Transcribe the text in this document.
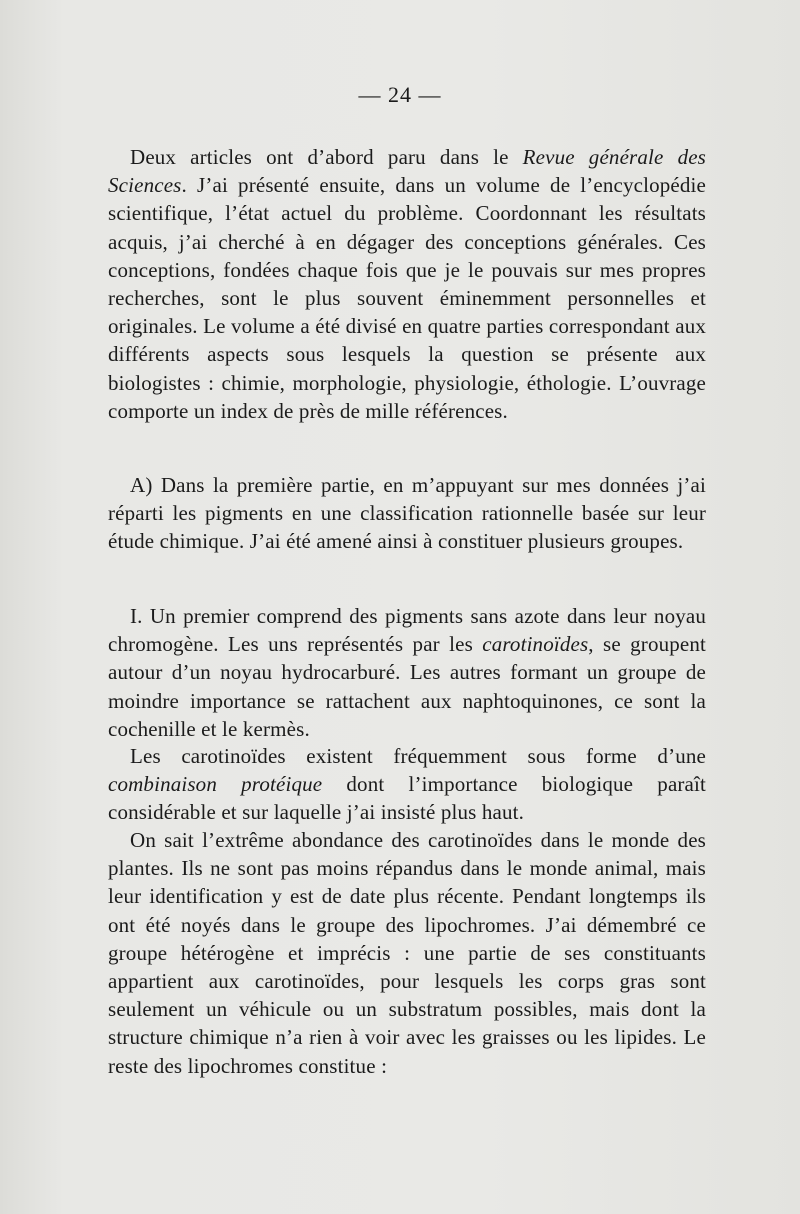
— 24 —

Deux articles ont d’abord paru dans le Revue générale des Sciences. J’ai présenté ensuite, dans un volume de l’encyclopédie scientifique, l’état actuel du problème. Coordonnant les résultats acquis, j’ai cherché à en dégager des conceptions générales. Ces conceptions, fondées chaque fois que je le pouvais sur mes propres recherches, sont le plus souvent éminemment personnelles et originales. Le volume a été divisé en quatre parties correspondant aux différents aspects sous lesquels la question se présente aux biologistes : chimie, morphologie, physiologie, éthologie. L’ouvrage comporte un index de près de mille références.

A) Dans la première partie, en m’appuyant sur mes données j’ai réparti les pigments en une classification rationnelle basée sur leur étude chimique. J’ai été amené ainsi à constituer plusieurs groupes.

I. Un premier comprend des pigments sans azote dans leur noyau chromogène. Les uns représentés par les carotinoïdes, se groupent autour d’un noyau hydrocarburé. Les autres formant un groupe de moindre importance se rattachent aux naphtoquinones, ce sont la cochenille et le kermès.

Les carotinoïdes existent fréquemment sous forme d’une combinaison protéique dont l’importance biologique paraît considérable et sur laquelle j’ai insisté plus haut.

On sait l’extrême abondance des carotinoïdes dans le monde des plantes. Ils ne sont pas moins répandus dans le monde animal, mais leur identification y est de date plus récente. Pendant longtemps ils ont été noyés dans le groupe des lipochromes. J’ai démembré ce groupe hétérogène et imprécis : une partie de ses constituants appartient aux carotinoïdes, pour lesquels les corps gras sont seulement un véhicule ou un substratum possibles, mais dont la structure chimique n’a rien à voir avec les graisses ou les lipides. Le reste des lipochromes constitue :
